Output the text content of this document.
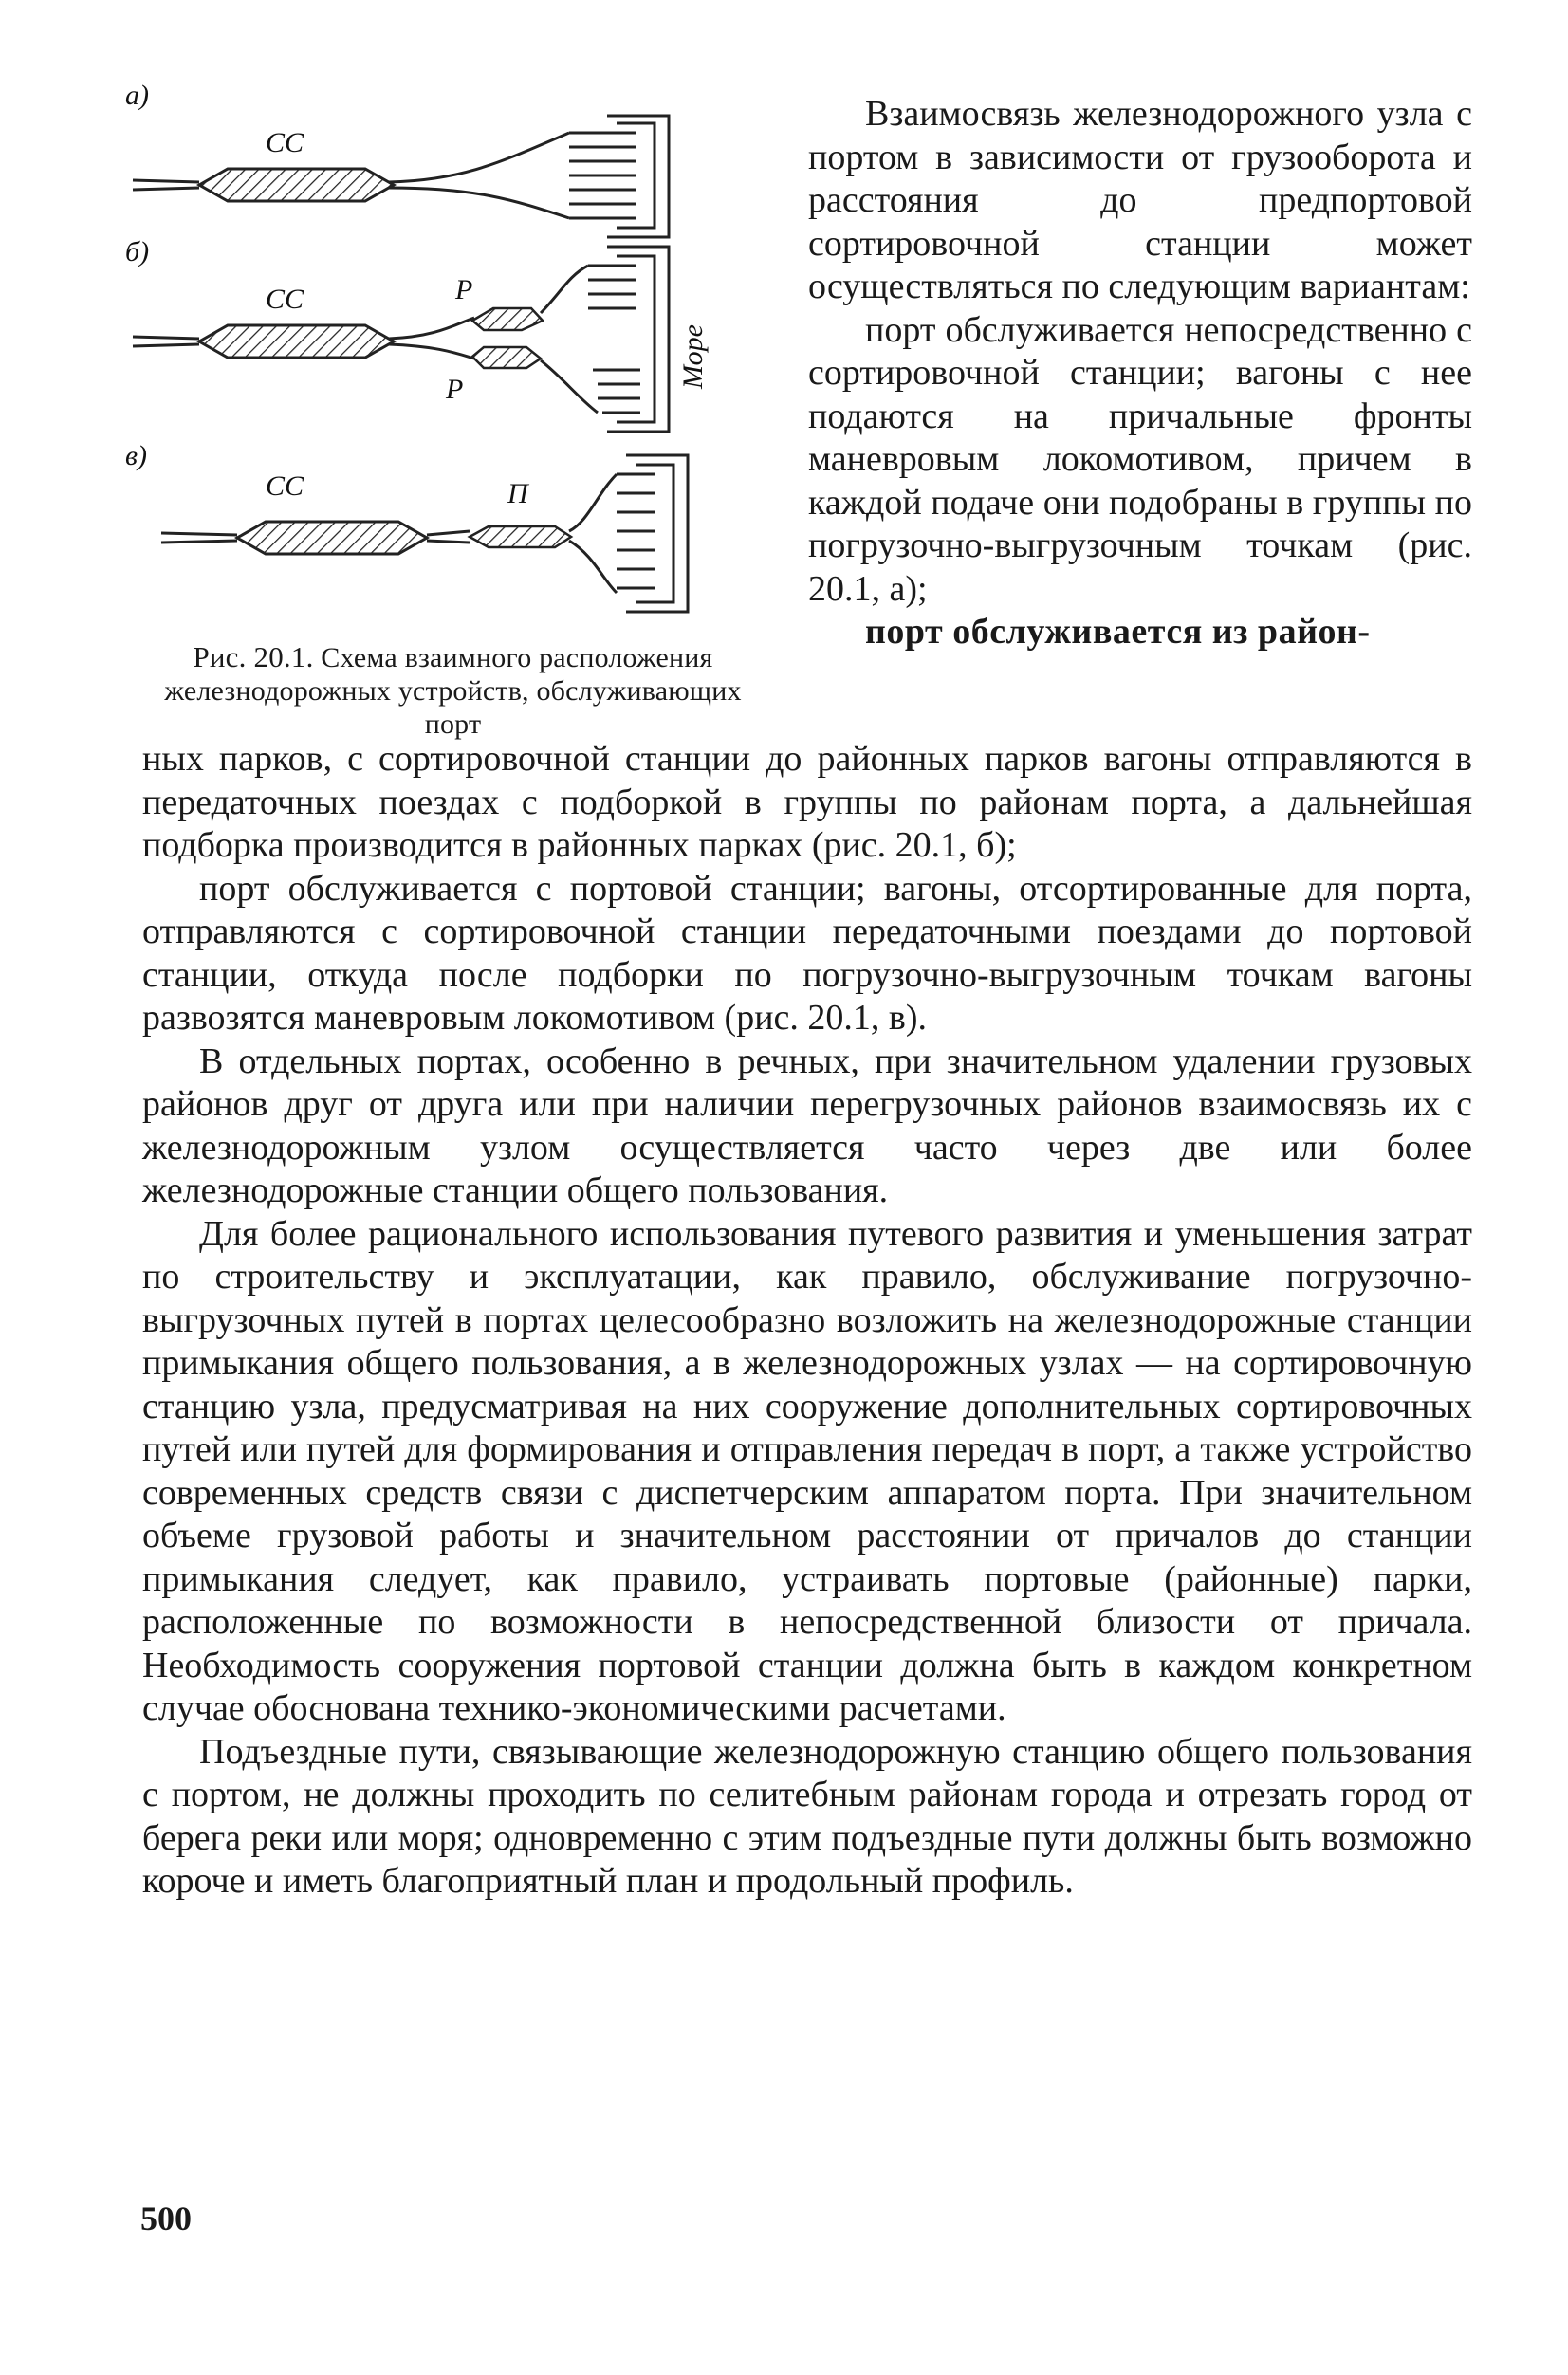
а)
СС
б)
СС	Р
Р
Море
в)
СС	П
Рис. 20.1. Схема взаимного расположения железнодорожных устройств, обслуживающих порт

Взаимосвязь железнодорожного узла с портом в зависимости от грузооборота и расстояния до предпортовой сортировочной станции может осуществляться по следующим вариантам:

порт обслуживается непосредственно с сортировочной станции; вагоны с нее подаются на причальные фронты маневровым локомотивом, причем в каждой подаче они подобраны в группы по погрузочно-выгрузочным точкам (рис. 20.1, а);

порт обслуживается из район-

ных парков, с сортировочной станции до районных парков вагоны отправляются в передаточных поездах с подборкой в группы по районам порта, а дальнейшая подборка производится в районных парках (рис. 20.1, б);

порт обслуживается с портовой станции; вагоны, отсортированные для порта, отправляются с сортировочной станции передаточными поездами до портовой станции, откуда после подборки по погрузочно-выгрузочным точкам вагоны развозятся маневровым локомотивом (рис. 20.1, в).

В отдельных портах, особенно в речных, при значительном удалении грузовых районов друг от друга или при наличии перегрузочных районов взаимосвязь их с железнодорожным узлом осуществляется часто через две или более железнодорожные станции общего пользования.

Для более рационального использования путевого развития и уменьшения затрат по строительству и эксплуатации, как правило, обслуживание погрузочно-выгрузочных путей в портах целесообразно возложить на железнодорожные станции примыкания общего пользования, а в железнодорожных узлах — на сортировочную станцию узла, предусматривая на них сооружение дополнительных сортировочных путей или путей для формирования и отправления передач в порт, а также устройство современных средств связи с диспетчерским аппаратом порта. При значительном объеме грузовой работы и значительном расстоянии от причалов до станции примыкания следует, как правило, устраивать портовые (районные) парки, расположенные по возможности в непосредственной близости от причала. Необходимость сооружения портовой станции должна быть в каждом конкретном случае обоснована технико-экономическими расчетами.

Подъездные пути, связывающие железнодорожную станцию общего пользования с портом, не должны проходить по селитебным районам города и отрезать город от берега реки или моря; одновременно с этим подъездные пути должны быть возможно короче и иметь благоприятный план и продольный профиль.

500
